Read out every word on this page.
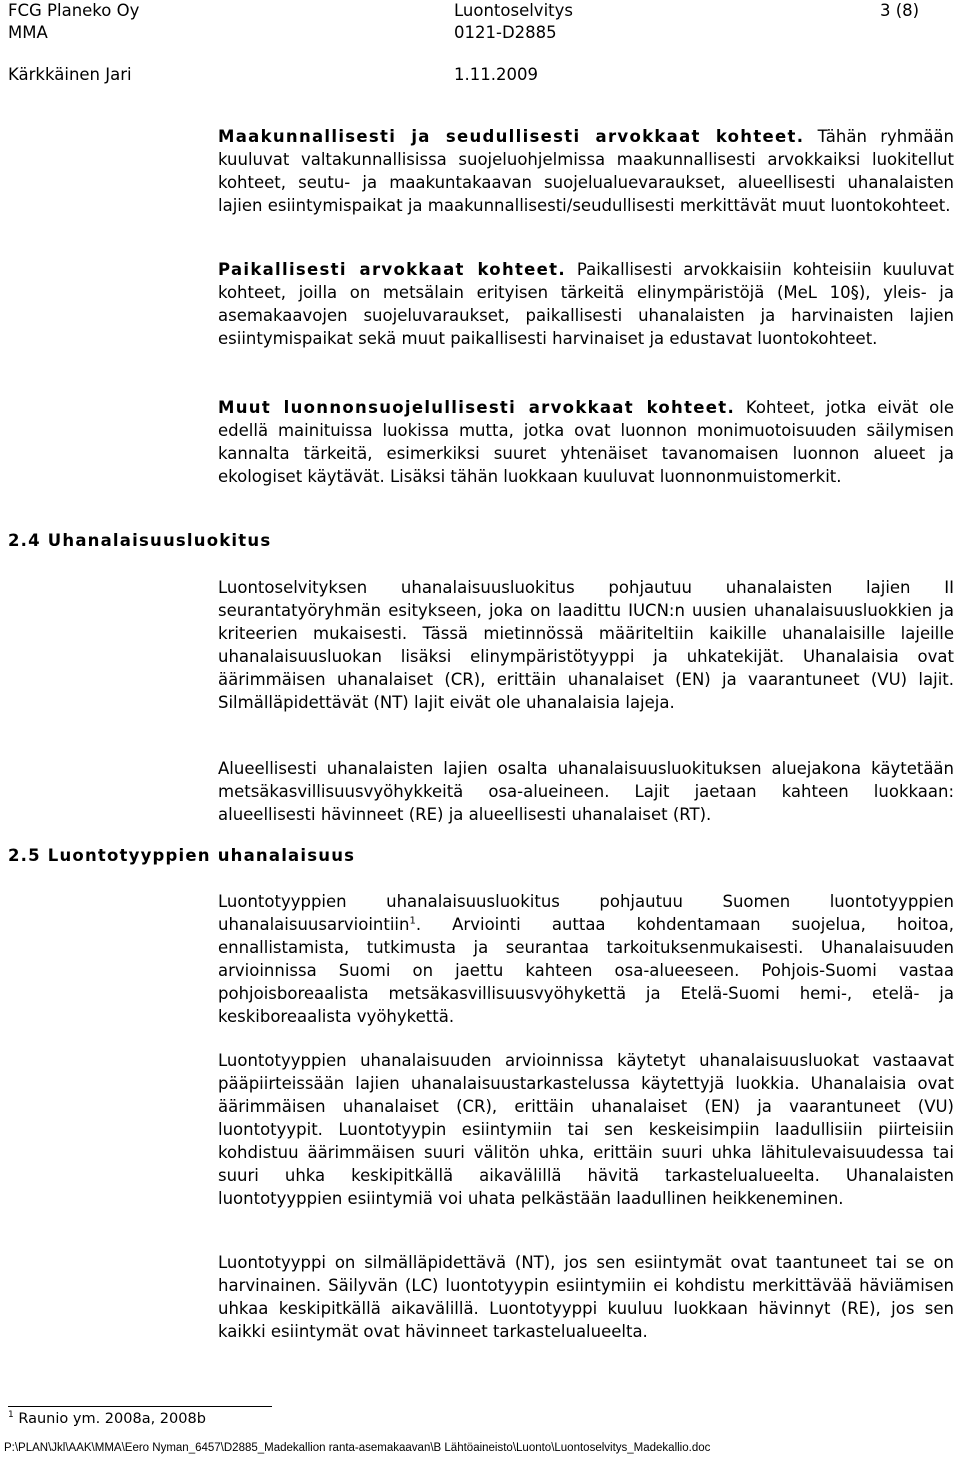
FCG Planeko Oy	Luontoselvitys	3 (8)
MMA	0121-D2885
Kärkkäinen Jari	1.11.2009

Maakunnallisesti ja seudullisesti arvokkaat kohteet. Tähän ryhmään kuuluvat valtakunnallisissa suojeluohjelmissa maakunnallisesti arvokkaiksi luokitellut kohteet, seutu- ja maakuntakaavan suojelualuevaraukset, alueellisesti uhanalaisten lajien esiintymispaikat ja maakunnallisesti/seudullisesti merkittävät muut luontokohteet.

Paikallisesti arvokkaat kohteet. Paikallisesti arvokkaisiin kohteisiin kuuluvat kohteet, joilla on metsälain erityisen tärkeitä elinympäristöjä (MeL 10§), yleis- ja asemakaavojen suojeluvaraukset, paikallisesti uhanalaisten ja harvinaisten lajien esiintymispaikat sekä muut paikallisesti harvinaiset ja edustavat luontokohteet.

Muut luonnonsuojelullisesti arvokkaat kohteet. Kohteet, jotka eivät ole edellä mainituissa luokissa mutta, jotka ovat luonnon monimuotoisuuden säilymisen kannalta tärkeitä, esimerkiksi suuret yhtenäiset tavanomaisen luonnon alueet ja ekologiset käytävät. Lisäksi tähän luokkaan kuuluvat luonnonmuistomerkit.

2.4 Uhanalaisuusluokitus

Luontoselvityksen uhanalaisuusluokitus pohjautuu uhanalaisten lajien II seurantatyöryhmän esitykseen, joka on laadittu IUCN:n uusien uhanalaisuusluokkien ja kriteerien mukaisesti. Tässä mietinnössä määriteltiin kaikille uhanalaisille lajeille uhanalaisuusluokan lisäksi elinympäristötyyppi ja uhkatekijät. Uhanalaisia ovat äärimmäisen uhanalaiset (CR), erittäin uhanalaiset (EN) ja vaarantuneet (VU) lajit. Silmälläpidettävät (NT) lajit eivät ole uhanalaisia lajeja.

Alueellisesti uhanalaisten lajien osalta uhanalaisuusluokituksen aluejakona käytetään metsäkasvillisuusvyöhykkeitä osa-alueineen. Lajit jaetaan kahteen luokkaan: alueellisesti hävinneet (RE) ja alueellisesti uhanalaiset (RT).

2.5 Luontotyyppien uhanalaisuus

Luontotyyppien uhanalaisuusluokitus pohjautuu Suomen luontotyyppien uhanalaisuusarviointiin$^1$. Arviointi auttaa kohdentamaan suojelua, hoitoa, ennallistamista, tutkimusta ja seurantaa tarkoituksenmukaisesti. Uhanalaisuuden arvioinnissa Suomi on jaettu kahteen osa-alueeseen. Pohjois-Suomi vastaa pohjoisboreaalista metsäkasvillisuusvyöhykettä ja Etelä-Suomi hemi-, etelä- ja keskiboreaalista vyöhykettä.

Luontotyyppien uhanalaisuuden arvioinnissa käytetyt uhanalaisuusluokat vastaavat pääpiirteissään lajien uhanalaisuustarkastelussa käytettyjä luokkia. Uhanalaisia ovat äärimmäisen uhanalaiset (CR), erittäin uhanalaiset (EN) ja vaarantuneet (VU) luontotyypit. Luontotyypin esiintymiin tai sen keskeisimpiin laadullisiin piirteisiin kohdistuu äärimmäisen suuri välitön uhka, erittäin suuri uhka lähitulevaisuudessa tai suuri uhka keskipitkällä aikavälillä hävitä tarkastelualueelta. Uhanalaisten luontotyyppien esiintymiä voi uhata pelkästään laadullinen heikkeneminen.

Luontotyyppi on silmälläpidettävä (NT), jos sen esiintymät ovat taantuneet tai se on harvinainen. Säilyvän (LC) luontotyypin esiintymiin ei kohdistu merkittävää häviämisen uhkaa keskipitkällä aikavälillä. Luontotyyppi kuuluu luokkaan hävinnyt (RE), jos sen kaikki esiintymät ovat hävinneet tarkastelualueelta.

$^1$ Raunio ym. 2008a, 2008b
P:\PLAN\Jkl\AAK\MMA\Eero Nyman_6457\D2885_Madekallion ranta-asemakaavan\B Lähtöaineisto\Luonto\Luontoselvitys_Madekallio.doc
